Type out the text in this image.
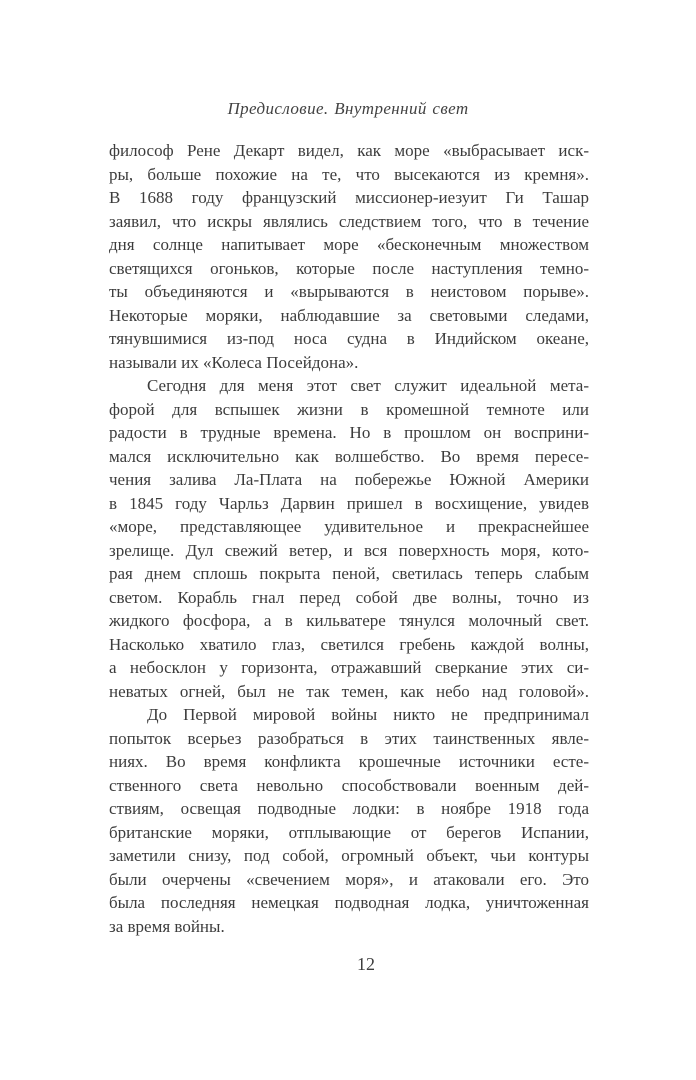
Предисловие. Внутренний свет
философ Рене Декарт видел, как море «выбрасывает иск-
ры, больше похожие на те, что высекаются из кремня».
В 1688 году французский миссионер-иезуит Ги Ташар
заявил, что искры являлись следствием того, что в течение
дня солнце напитывает море «бесконечным множеством
светящихся огоньков, которые после наступления темно-
ты объединяются и «вырываются в неистовом порыве».
Некоторые моряки, наблюдавшие за световыми следами,
тянувшимися из-под носа судна в Индийском океане,
называли их «Колеса Посейдона».
Сегодня для меня этот свет служит идеальной мета-
форой для вспышек жизни в кромешной темноте или
радости в трудные времена. Но в прошлом он восприни-
мался исключительно как волшебство. Во время пересе-
чения залива Ла-Плата на побережье Южной Америки
в 1845 году Чарльз Дарвин пришел в восхищение, увидев
«море, представляющее удивительное и прекраснейшее
зрелище. Дул свежий ветер, и вся поверхность моря, кото-
рая днем сплошь покрыта пеной, светилась теперь слабым
светом. Корабль гнал перед собой две волны, точно из
жидкого фосфора, а в кильватере тянулся молочный свет.
Насколько хватило глаз, светился гребень каждой волны,
а небосклон у горизонта, отражавший сверкание этих си-
неватых огней, был не так темен, как небо над головой».
До Первой мировой войны никто не предпринимал
попыток всерьез разобраться в этих таинственных явле-
ниях. Во время конфликта крошечные источники есте-
ственного света невольно способствовали военным дей-
ствиям, освещая подводные лодки: в ноябре 1918 года
британские моряки, отплывающие от берегов Испании,
заметили снизу, под собой, огромный объект, чьи контуры
были очерчены «свечением моря», и атаковали его. Это
была последняя немецкая подводная лодка, уничтоженная
за время войны.
12
